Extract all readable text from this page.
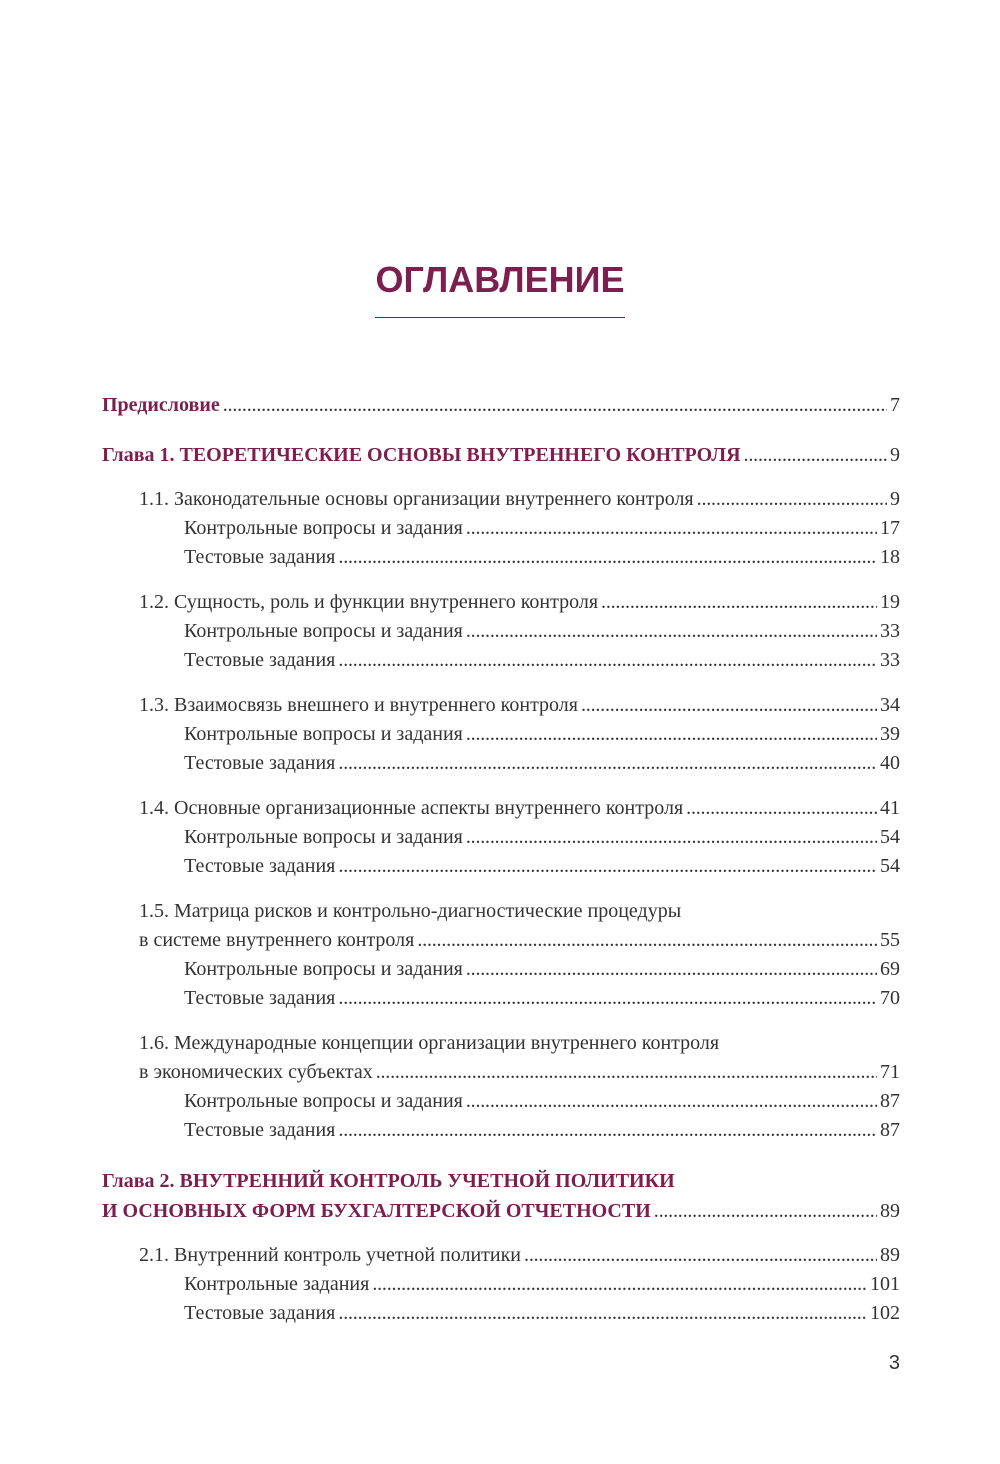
ОГЛАВЛЕНИЕ
Предисловие . . .	7
Глава 1. ТЕОРЕТИЧЕСКИЕ ОСНОВЫ ВНУТРЕННЕГО КОНТРОЛЯ . . .	9
1.1. Законодательные основы организации внутреннего контроля . . .	9
Контрольные вопросы и задания . . .	17
Тестовые задания . . .	18
1.2. Сущность, роль и функции внутреннего контроля . . .	19
Контрольные вопросы и задания . . .	33
Тестовые задания . . .	33
1.3. Взаимосвязь внешнего и внутреннего контроля . . .	34
Контрольные вопросы и задания . . .	39
Тестовые задания . . .	40
1.4. Основные организационные аспекты внутреннего контроля . . .	41
Контрольные вопросы и задания . . .	54
Тестовые задания . . .	54
1.5. Матрица рисков и контрольно-диагностические процедуры
в системе внутреннего контроля . . .	55
Контрольные вопросы и задания . . .	69
Тестовые задания . . .	70
1.6. Международные концепции организации внутреннего контроля
в экономических субъектах . . .	71
Контрольные вопросы и задания . . .	87
Тестовые задания . . .	87
Глава 2. ВНУТРЕННИЙ КОНТРОЛЬ УЧЕТНОЙ ПОЛИТИКИ
И ОСНОВНЫХ ФОРМ БУХГАЛТЕРСКОЙ ОТЧЕТНОСТИ . . .	89
2.1. Внутренний контроль учетной политики . . .	89
Контрольные задания . . .	101
Тестовые задания . . .	102
3
